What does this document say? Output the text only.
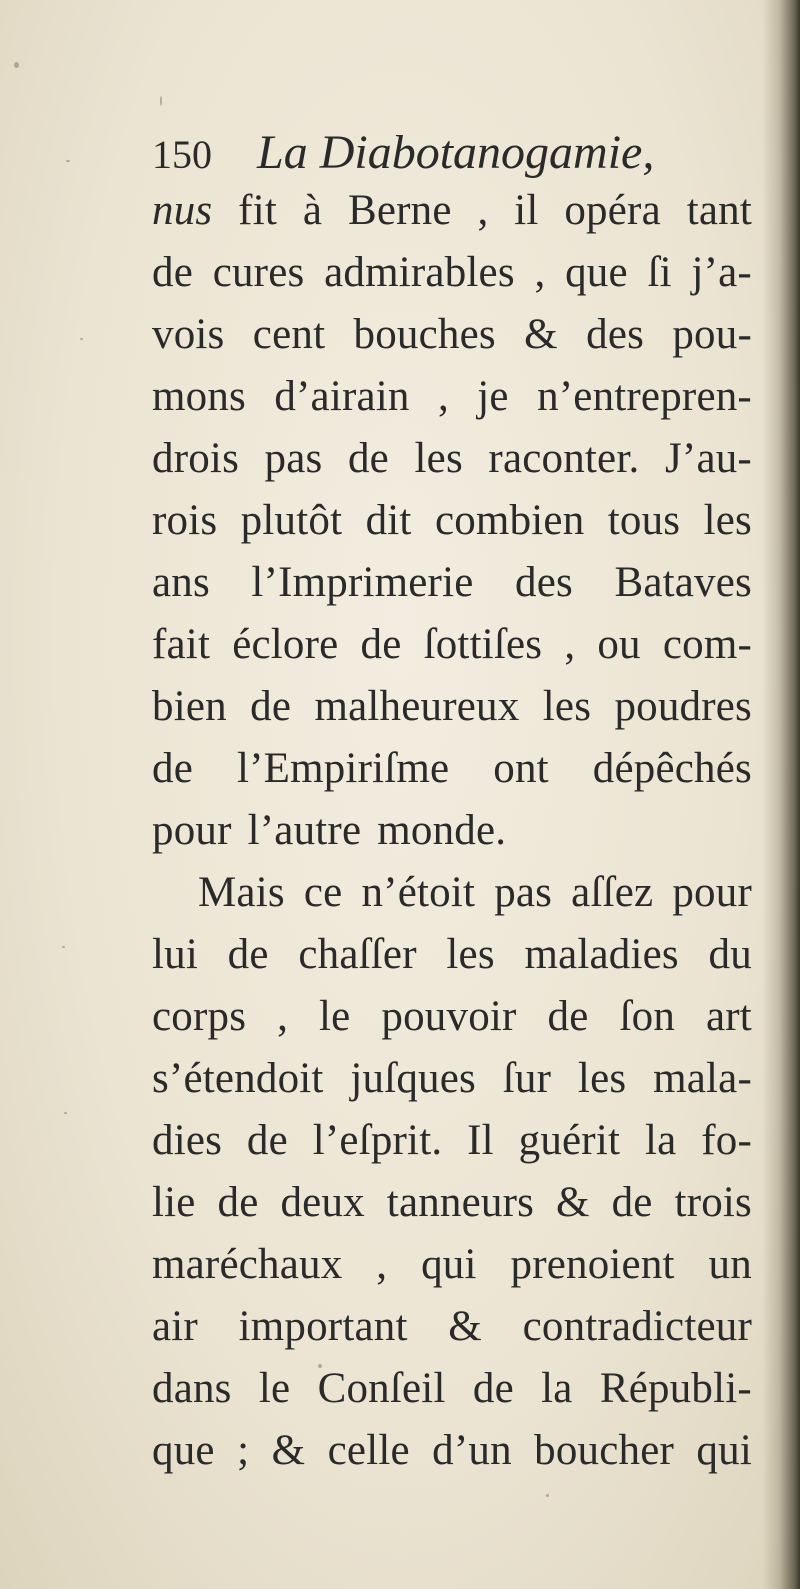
150 La Diabotanogamie,
nus fit à Berne , il opéra tant
de cures admirables , que ſi j’a-
vois cent bouches & des pou-
mons d’airain , je n’entrepren-
drois pas de les raconter. J’au-
rois plutôt dit combien tous les
ans l’Imprimerie des Bataves
fait éclore de ſottiſes , ou com-
bien de malheureux les poudres
de l’Empiriſme ont dépêchés
pour l’autre monde.
Mais ce n’étoit pas aſſez pour
lui de chaſſer les maladies du
corps , le pouvoir de ſon art
s’étendoit juſques ſur les mala-
dies de l’eſprit. Il guérit la fo-
lie de deux tanneurs & de trois
maréchaux , qui prenoient un
air important & contradicteur
dans le Conſeil de la Républi-
que ; & celle d’un boucher qui
